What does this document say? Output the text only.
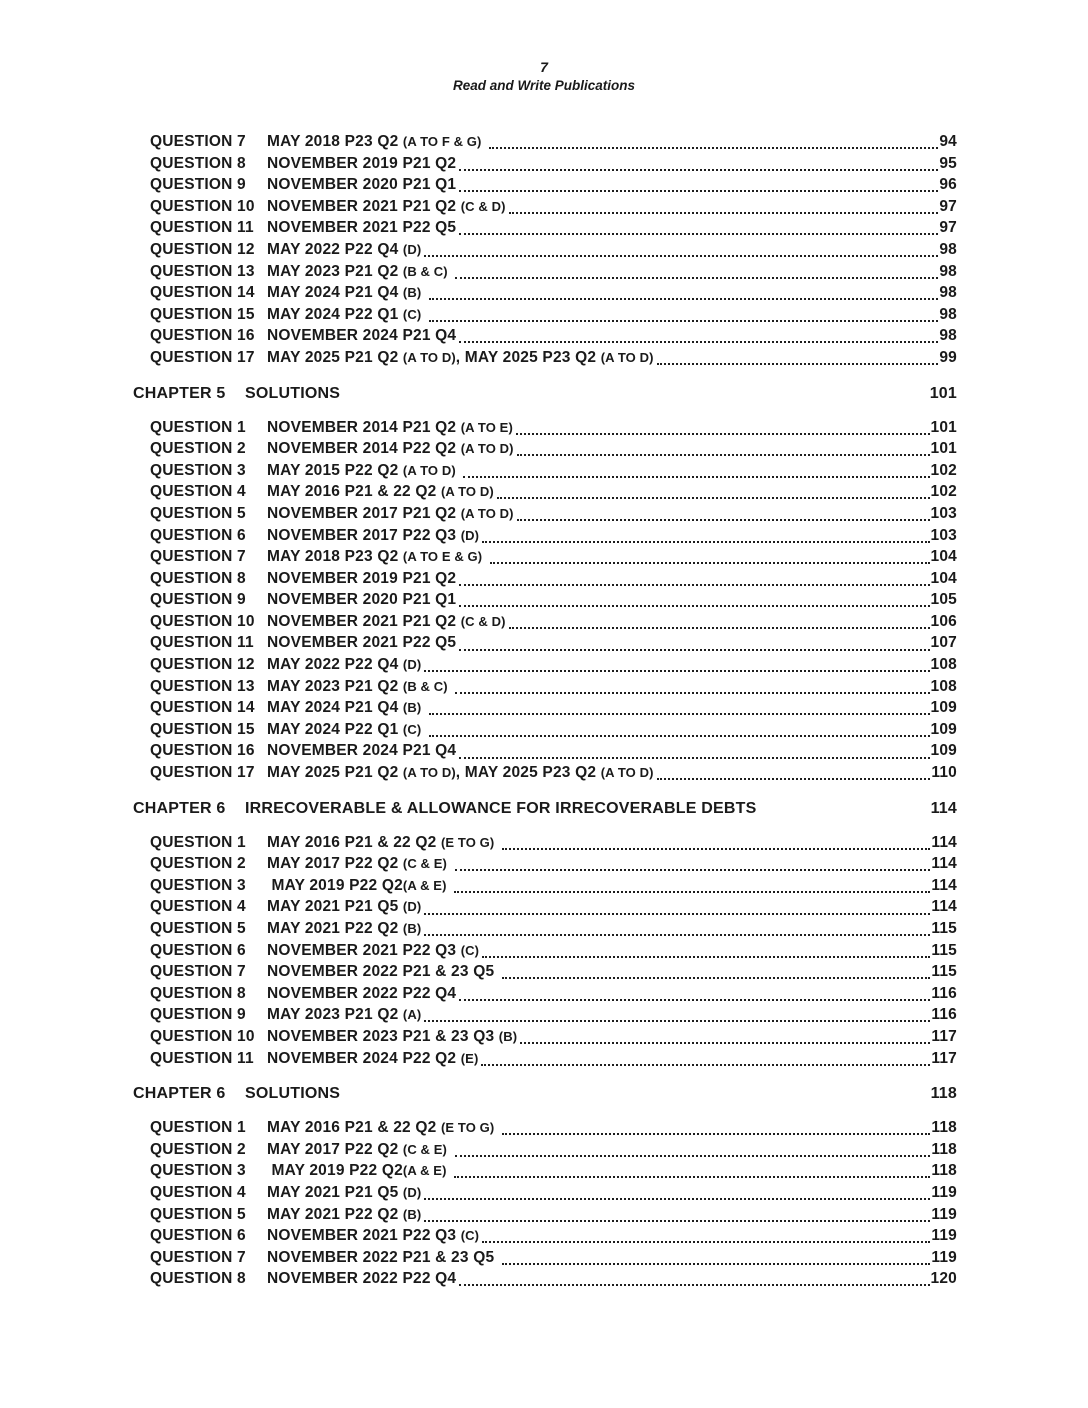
7
Read and Write Publications
QUESTION 7	MAY 2018 P23 Q2 (A TO F & G)	94
QUESTION 8	NOVEMBER 2019 P21 Q2	95
QUESTION 9	NOVEMBER 2020 P21 Q1	96
QUESTION 10 NOVEMBER 2021 P21 Q2 (C & D)	97
QUESTION 11 NOVEMBER 2021 P22 Q5	97
QUESTION 12 MAY 2022 P22 Q4 (D)	98
QUESTION 13 MAY 2023 P21 Q2 (B & C)	98
QUESTION 14 MAY 2024 P21 Q4 (B)	98
QUESTION 15 MAY 2024 P22 Q1 (C)	98
QUESTION 16 NOVEMBER 2024 P21 Q4	98
QUESTION 17 MAY 2025 P21 Q2 (A TO D), MAY 2025 P23 Q2 (A TO D)	99
CHAPTER 5	SOLUTIONS	101
QUESTION 1	NOVEMBER 2014 P21 Q2 (A TO E)	101
QUESTION 2	NOVEMBER 2014 P22 Q2 (A TO D)	101
QUESTION 3	MAY 2015 P22 Q2 (A TO D)	102
QUESTION 4	MAY 2016 P21 & 22 Q2 (A TO D)	102
QUESTION 5	NOVEMBER 2017 P21 Q2 (A TO D)	103
QUESTION 6	NOVEMBER 2017 P22 Q3 (D)	103
QUESTION 7	MAY 2018 P23 Q2 (A TO E & G)	104
QUESTION 8	NOVEMBER 2019 P21 Q2	104
QUESTION 9	NOVEMBER 2020 P21 Q1	105
QUESTION 10 NOVEMBER 2021 P21 Q2 (C & D)	106
QUESTION 11 NOVEMBER 2021 P22 Q5	107
QUESTION 12 MAY 2022 P22 Q4 (D)	108
QUESTION 13 MAY 2023 P21 Q2 (B & C)	108
QUESTION 14 MAY 2024 P21 Q4 (B)	109
QUESTION 15 MAY 2024 P22 Q1 (C)	109
QUESTION 16 NOVEMBER 2024 P21 Q4	109
QUESTION 17 MAY 2025 P21 Q2 (A TO D), MAY 2025 P23 Q2 (A TO D)	110
CHAPTER 6	IRRECOVERABLE & ALLOWANCE FOR IRRECOVERABLE DEBTS	114
QUESTION 1	MAY 2016 P21 & 22 Q2 (E TO G)	114
QUESTION 2	MAY 2017 P22 Q2 (C & E)	114
QUESTION 3	MAY 2019 P22 Q2(A & E)	114
QUESTION 4	MAY 2021 P21 Q5 (D)	114
QUESTION 5	MAY 2021 P22 Q2 (B)	115
QUESTION 6	NOVEMBER 2021 P22 Q3 (C)	115
QUESTION 7	NOVEMBER 2022 P21 & 23 Q5	115
QUESTION 8	NOVEMBER 2022 P22 Q4	116
QUESTION 9	MAY 2023 P21 Q2 (A)	116
QUESTION 10 NOVEMBER 2023 P21 & 23 Q3 (B)	117
QUESTION 11 NOVEMBER 2024 P22 Q2 (E)	117
CHAPTER 6	SOLUTIONS	118
QUESTION 1	MAY 2016 P21 & 22 Q2 (E TO G)	118
QUESTION 2	MAY 2017 P22 Q2 (C & E)	118
QUESTION 3	MAY 2019 P22 Q2(A & E)	118
QUESTION 4	MAY 2021 P21 Q5 (D)	119
QUESTION 5	MAY 2021 P22 Q2 (B)	119
QUESTION 6	NOVEMBER 2021 P22 Q3 (C)	119
QUESTION 7	NOVEMBER 2022 P21 & 23 Q5	119
QUESTION 8	NOVEMBER 2022 P22 Q4	120
